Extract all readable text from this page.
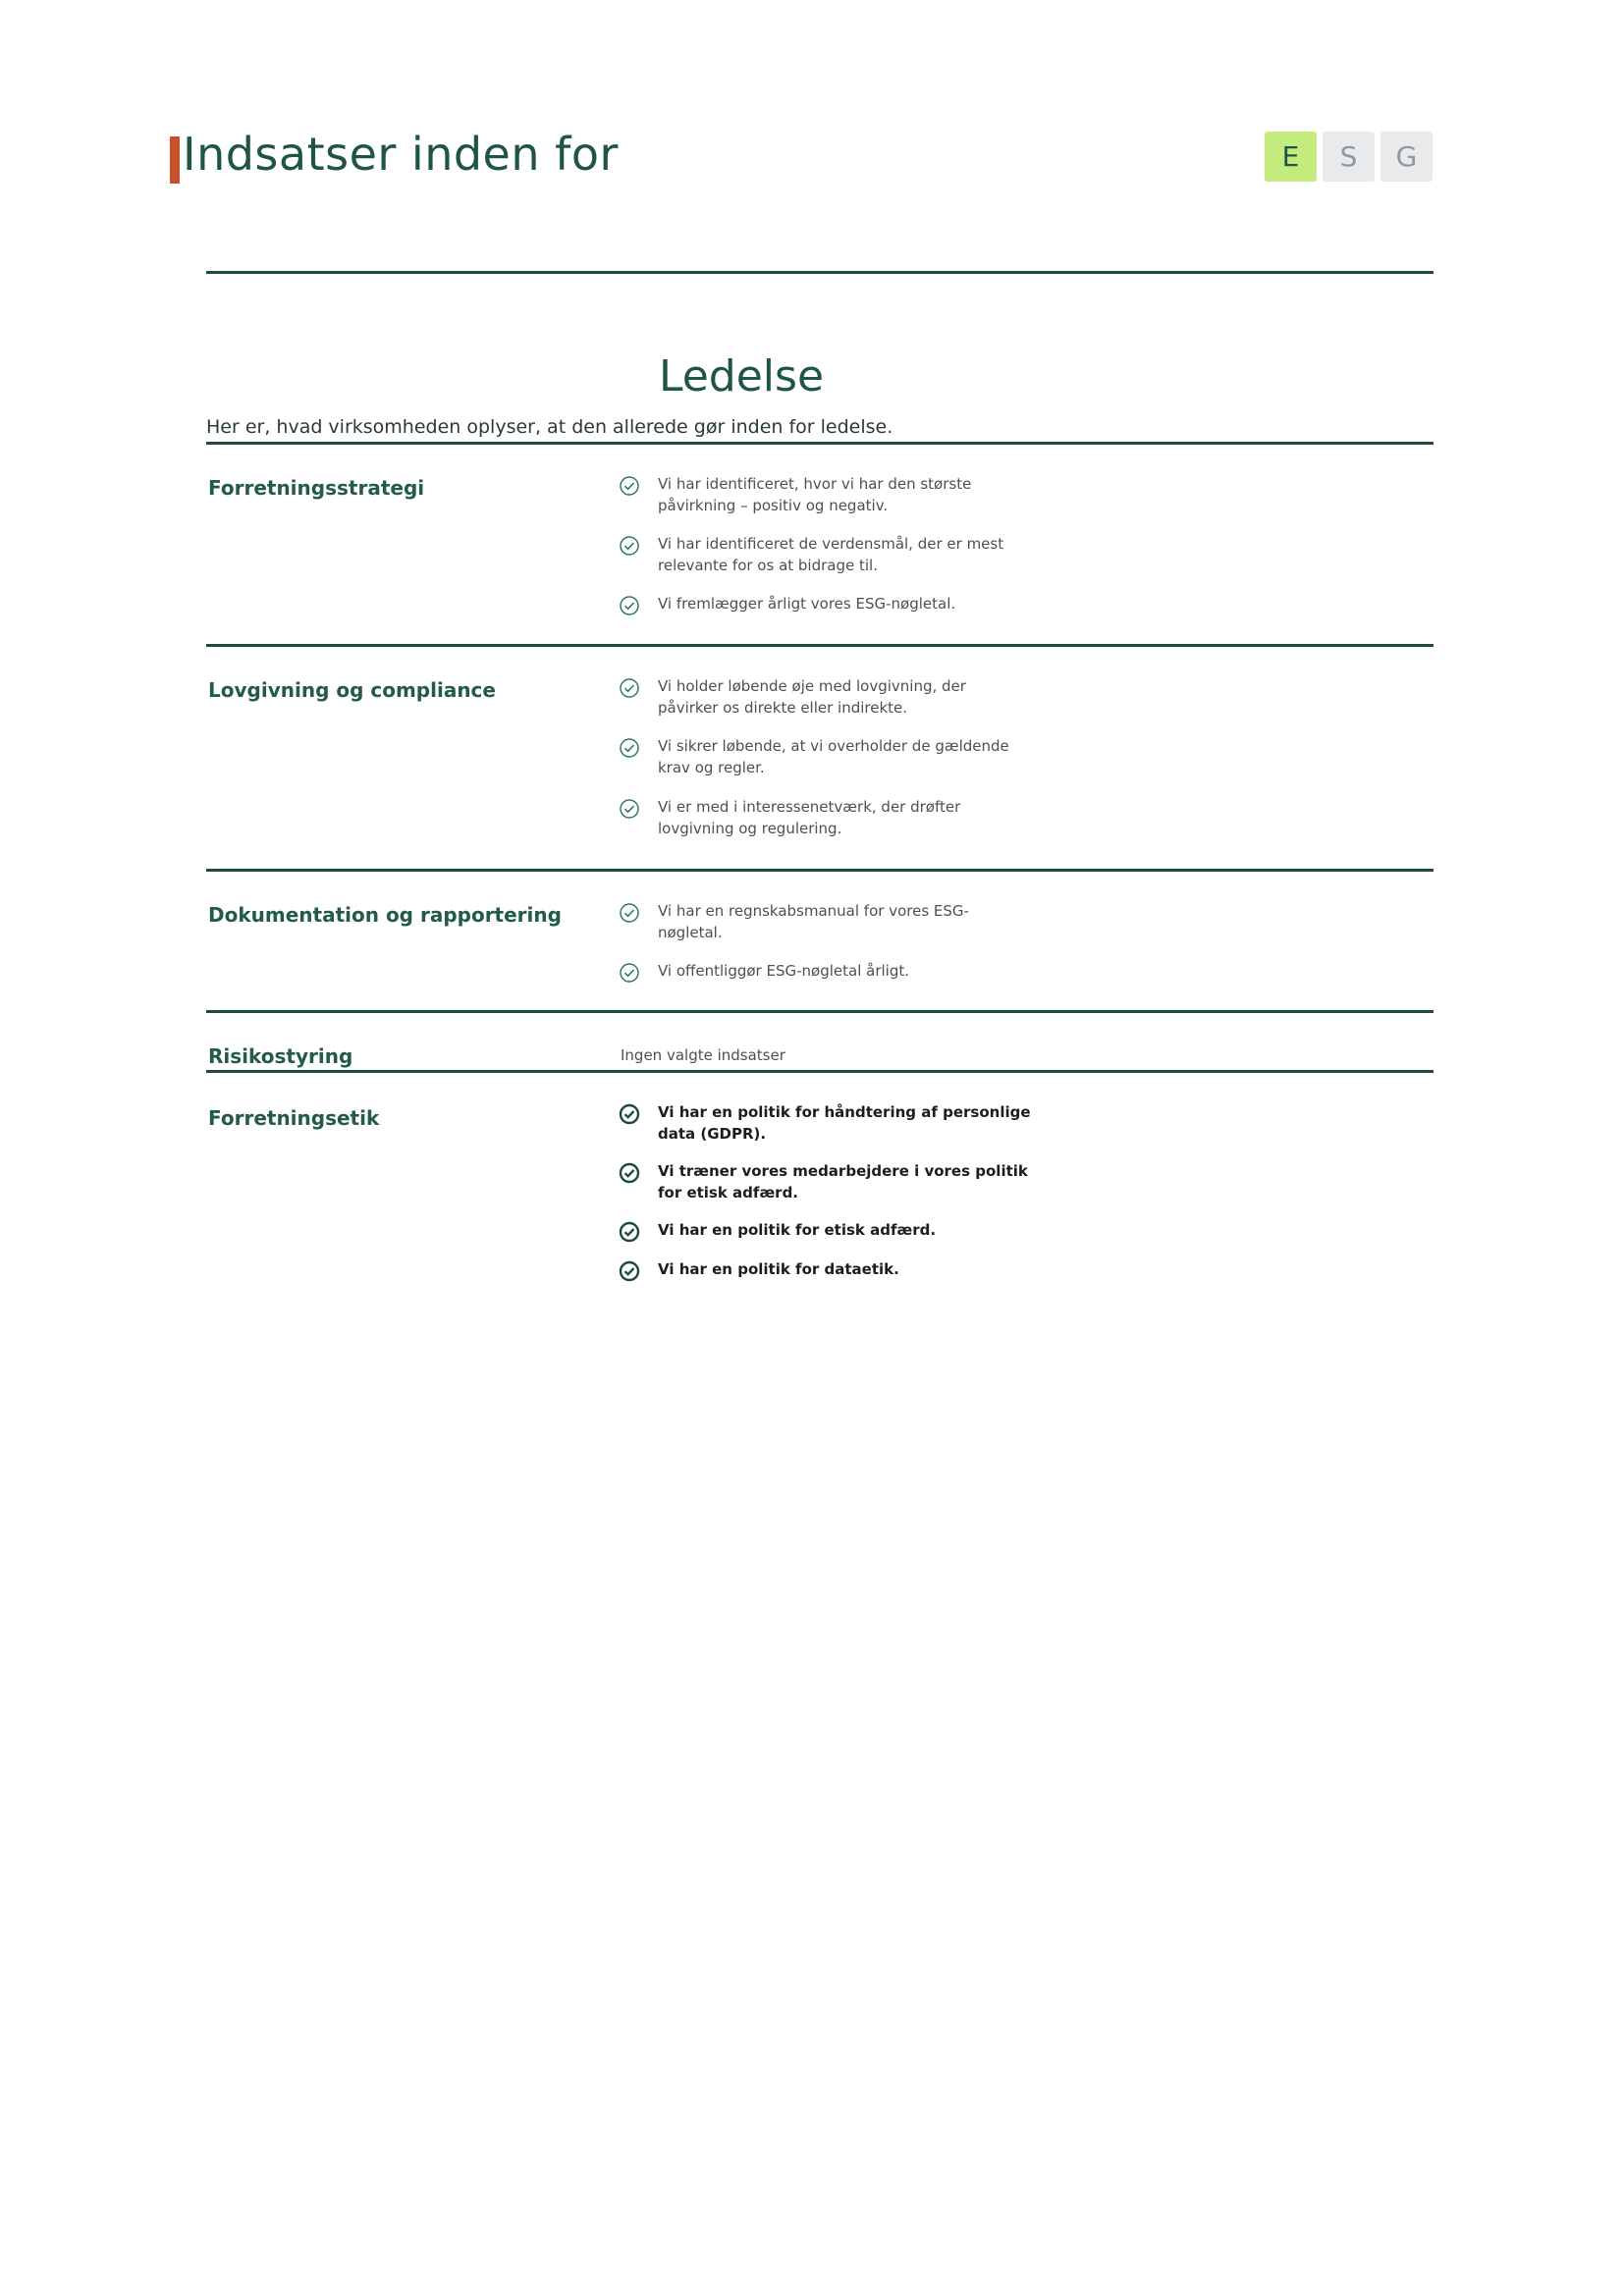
Indsatser inden for	E	S	G
Ledelse
Her er, hvad virksomheden oplyser, at den allerede gør inden for ledelse.
Forretningsstrategi	Vi har identificeret, hvor vi har den største påvirkning – positiv og negativ.
Vi har identificeret de verdensmål, der er mest relevante for os at bidrage til.
Vi fremlægger årligt vores ESG-nøgletal.
Lovgivning og compliance	Vi holder løbende øje med lovgivning, der påvirker os direkte eller indirekte.
Vi sikrer løbende, at vi overholder de gældende krav og regler.
Vi er med i interessenetværk, der drøfter lovgivning og regulering.
Dokumentation og rapportering	Vi har en regnskabsmanual for vores ESG-nøgletal.
Vi offentliggør ESG-nøgletal årligt.
Risikostyring	Ingen valgte indsatser
Forretningsetik	Vi har en politik for håndtering af personlige data (GDPR).
Vi træner vores medarbejdere i vores politik for etisk adfærd.
Vi har en politik for etisk adfærd.
Vi har en politik for dataetik.
